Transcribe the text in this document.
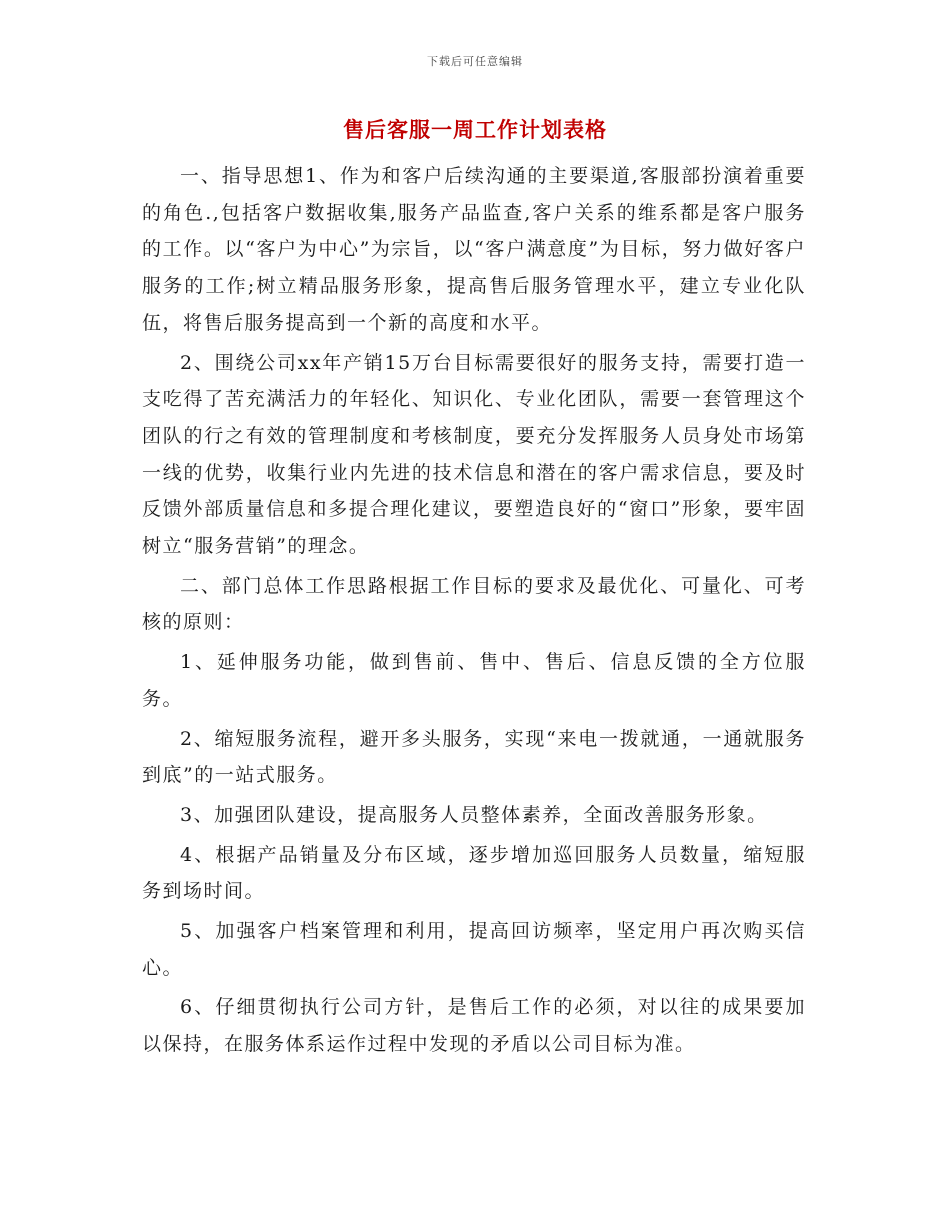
下载后可任意编辑
售后客服一周工作计划表格

一、指导思想1、作为和客户后续沟通的主要渠道,客服部扮演着重要的角色.,包括客户数据收集,服务产品监查,客户关系的维系都是客户服务的工作。以“客户为中心”为宗旨，以“客户满意度”为目标，努力做好客户服务的工作;树立精品服务形象，提高售后服务管理水平，建立专业化队伍，将售后服务提高到一个新的高度和水平。

2、围绕公司xx年产销15万台目标需要很好的服务支持，需要打造一支吃得了苦充满活力的年轻化、知识化、专业化团队，需要一套管理这个团队的行之有效的管理制度和考核制度，要充分发挥服务人员身处市场第一线的优势，收集行业内先进的技术信息和潜在的客户需求信息，要及时反馈外部质量信息和多提合理化建议，要塑造良好的“窗口”形象，要牢固树立“服务营销”的理念。

二、部门总体工作思路根据工作目标的要求及最优化、可量化、可考核的原则：

1、延伸服务功能，做到售前、售中、售后、信息反馈的全方位服务。

2、缩短服务流程，避开多头服务，实现“来电一拨就通，一通就服务到底”的一站式服务。

3、加强团队建设，提高服务人员整体素养，全面改善服务形象。

4、根据产品销量及分布区域，逐步增加巡回服务人员数量，缩短服务到场时间。

5、加强客户档案管理和利用，提高回访频率，坚定用户再次购买信心。

6、仔细贯彻执行公司方针，是售后工作的必须，对以往的成果要加以保持，在服务体系运作过程中发现的矛盾以公司目标为准。
